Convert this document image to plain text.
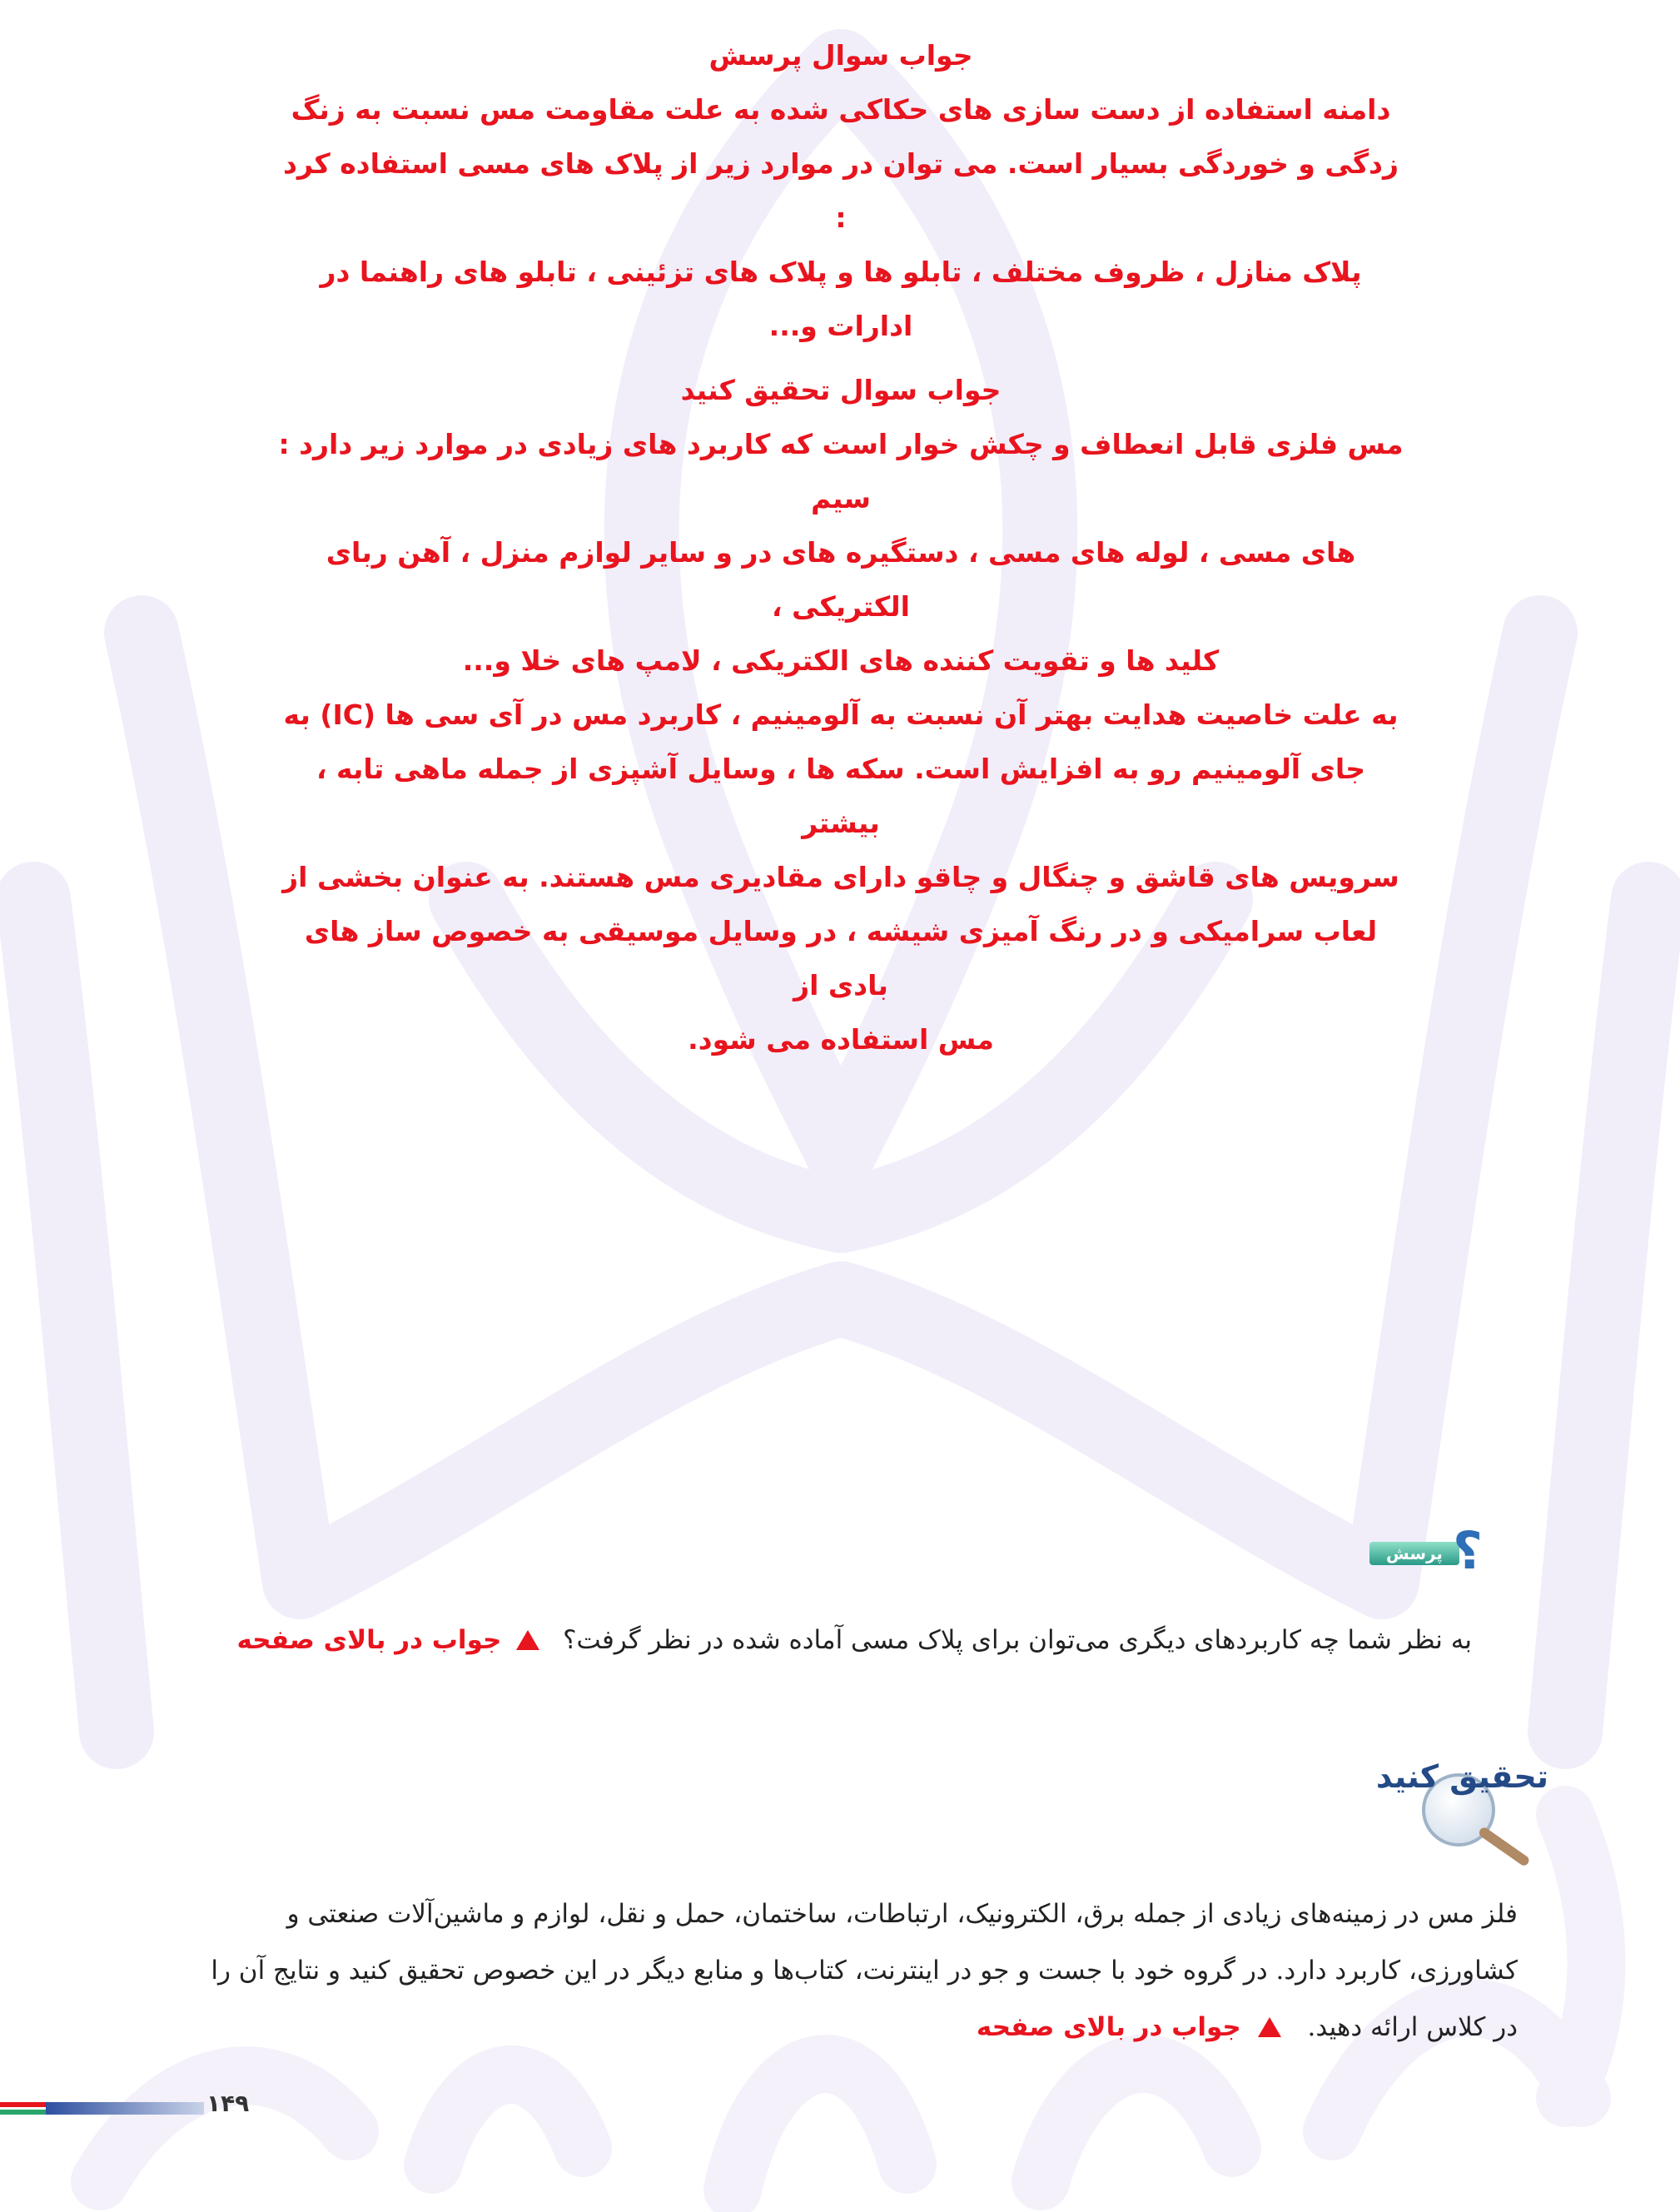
جواب سوال پرسش

دامنه استفاده از دست سازی های حکاکی شده به علت مقاومت مس نسبت به زنگ

زدگی و خوردگی بسیار است. می توان در موارد زیر از پلاک های مسی استفاده کرد :

پلاک منازل ، ظروف مختلف ، تابلو ها و پلاک های تزئینی ، تابلو های راهنما در

ادارات و...

جواب سوال تحقیق کنید

مس فلزی قابل انعطاف و چکش خوار است که کاربرد های زیادی در موارد زیر دارد : سیم

های مسی ، لوله های مسی ، دستگیره های در و سایر لوازم منزل ، آهن ربای الکتریکی ،

کلید ها و تقویت کننده های الکتریکی ، لامپ های خلا و...

به علت خاصیت هدایت بهتر آن نسبت به آلومینیم ، کاربرد مس در آی سی ها (IC) به

جای آلومینیم رو به افزایش است. سکه ها ، وسایل آشپزی از جمله ماهی تابه ، بیشتر

سرویس های قاشق و چنگال و چاقو دارای مقادیری مس هستند. به عنوان بخشی از

لعاب سرامیکی و در رنگ آمیزی شیشه ، در وسایل موسیقی به خصوص ساز های بادی از

مس استفاده می شود.

پرسش ؟
به نظر شما چه کاربردهای دیگری می‌توان برای پلاک مسی آماده شده در نظر گرفت؟  جواب در بالای صفحه
تحقیق کنید

فلز مس در زمینه‌های زیادی از جمله برق، الکترونیک، ارتباطات، ساختمان، حمل و نقل، لوازم و ماشین‌آلات صنعتی و

کشاورزی، کاربرد دارد. در گروه خود با جست و جو در اینترنت، کتاب‌ها و منابع دیگر در این خصوص تحقیق کنید و نتایج آن را

در کلاس ارائه دهید.  جواب در بالای صفحه

۱۴۹
